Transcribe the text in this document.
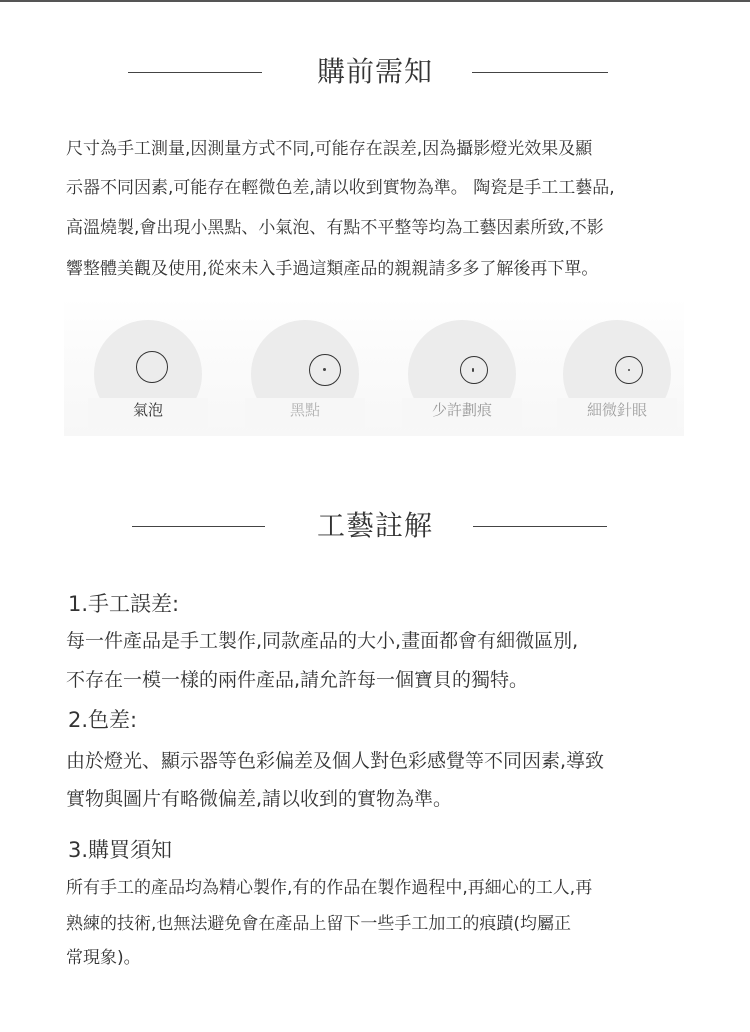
購前需知

尺寸為手工測量,因測量方式不同,可能存在誤差,因為攝影燈光效果及顯

示器不同因素,可能存在輕微色差,請以收到實物為準。 陶瓷是手工工藝品,

高溫燒製,會出現小黑點、小氣泡、有點不平整等均為工藝因素所致,不影

響整體美觀及使用,從來未入手過這類產品的親親請多多了解後再下單。

氣泡	黑點	少許劃痕	細微針眼
工藝註解

1.手工誤差:

每一件產品是手工製作,同款產品的大小,畫面都會有細微區別,

不存在一模一樣的兩件產品,請允許每一個寶貝的獨特。

2.色差:

由於燈光、顯示器等色彩偏差及個人對色彩感覺等不同因素,導致

實物與圖片有略微偏差,請以收到的實物為準。

3.購買須知

所有手工的產品均為精心製作,有的作品在製作過程中,再細心的工人,再

熟練的技術,也無法避免會在產品上留下一些手工加工的痕蹟(均屬正

常現象)。
